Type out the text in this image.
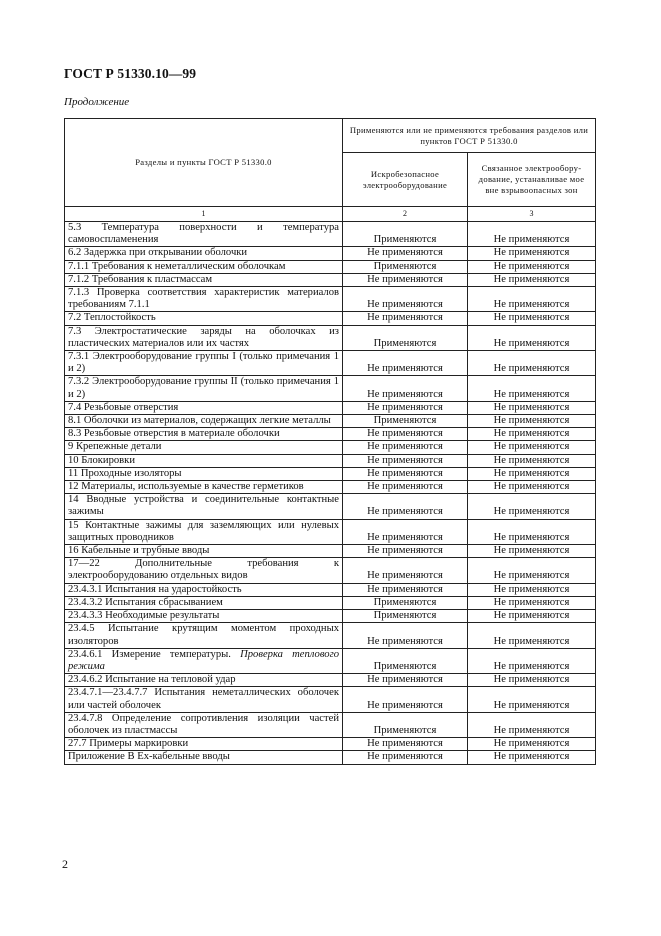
ГОСТ Р 51330.10—99
Продолжение
Разделы и пункты ГОСТ Р 51330.0	Применяются или не применяются требования разделов или пунктов ГОСТ Р 51330.0	
	Искробезопасное электрооборудование	Связанное электрообору-дование, устанавливае мое вне взрывоопасных зон
1	2	3
5.3 Температура поверхности и температура самовоспламенения	Применяются	Не применяются
6.2 Задержка при открывании оболочки	Не применяются	Не применяются
7.1.1 Требования к неметаллическим оболочкам	Применяются	Не применяются
7.1.2 Требования к пластмассам	Не применяются	Не применяются
7.1.3 Проверка соответствия характеристик материалов требованиям 7.1.1	Не применяются	Не применяются
7.2 Теплостойкость	Не применяются	Не применяются
7.3 Электростатические заряды на оболочках из пластических материалов или их частях	Применяются	Не применяются
7.3.1 Электрооборудование группы I (только примечания 1 и 2)	Не применяются	Не применяются
7.3.2 Электрооборудование группы II (только примечания 1 и 2)	Не применяются	Не применяются
7.4 Резьбовые отверстия	Не применяются	Не применяются
8.1 Оболочки из материалов, содержащих легкие металлы	Применяются	Не применяются
8.3 Резьбовые отверстия в материале оболочки	Не применяются	Не применяются
9 Крепежные детали	Не применяются	Не применяются
10 Блокировки	Не применяются	Не применяются
11 Проходные изоляторы	Не применяются	Не применяются
12 Материалы, используемые в качестве герметиков	Не применяются	Не применяются
14 Вводные устройства и соединительные контактные зажимы	Не применяются	Не применяются
15 Контактные зажимы для заземляющих или нулевых защитных проводников	Не применяются	Не применяются
16 Кабельные и трубные вводы	Не применяются	Не применяются
17—22 Дополнительные требования к электрооборудованию отдельных видов	Не применяются	Не применяются
23.4.3.1 Испытания на ударостойкость	Не применяются	Не применяются
23.4.3.2 Испытания сбрасыванием	Применяются	Не применяются
23.4.3.3 Необходимые результаты	Применяются	Не применяются
23.4.5 Испытание крутящим моментом проходных изоляторов	Не применяются	Не применяются
23.4.6.1 Измерение температуры. Проверка теплового режима	Применяются	Не применяются
23.4.6.2 Испытание на тепловой удар	Не применяются	Не применяются
23.4.7.1—23.4.7.7 Испытания неметаллических оболочек или частей оболочек	Не применяются	Не применяются
23.4.7.8 Определение сопротивления изоляции частей оболочек из пластмассы	Применяются	Не применяются
27.7 Примеры маркировки	Не применяются	Не применяются
Приложение В Ex-кабельные вводы	Не применяются	Не применяются
2
